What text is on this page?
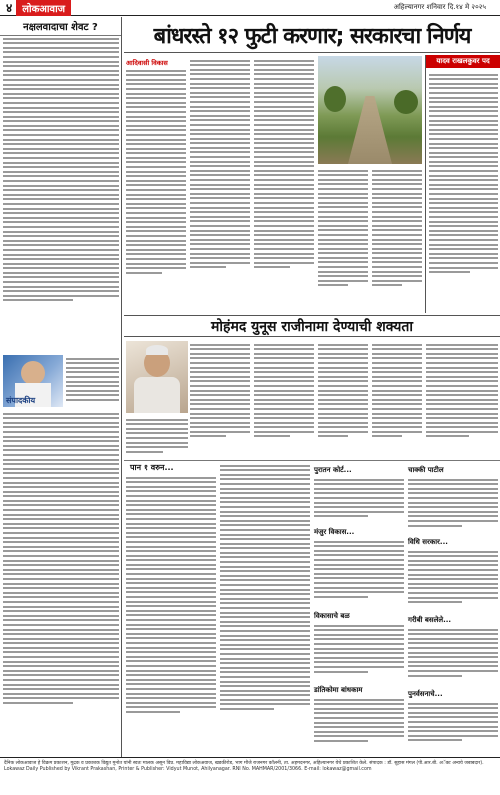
४	लोकआवाज	अहिल्यानगर शनिवार दि.१४ मे २०२५
नक्षलवादाचा शेवट ?
संपादकीय
बांधरस्ते १२ फुटी करणार; सरकारचा निर्णय
आदिवासी विकास	यादव राखलकुवर पद
मोहंमद युनूस राजीनामा देण्याची शक्यता
पान १ वरुन...	पुरातन कोर्ट...
मंजुर विकास...
विकासाचे बळ
डांतिकोमा बांधकाम
चाक्की पाटील
विधि सरकार...
गरीबी बसलेले...
पुनर्वसनाचे...
दैनिक लोकआवाज हे विक्रम प्रकाशन, मुद्रक व प्रकाशक विद्युत मुनोत यांनी स्वतः मालक असून विप्र. महाविद्या लोकअवाज, खडकीरोड, भाग मौजे राजनगर कॉलनी, ता. अहमदनगर, अहिल्यानगर येथे प्रकाशित केले. संपादक : डॉ. सुहास मंगल (पी.आर.बी. अॅक्ट अन्वये जबाबदार). Lokawaz Daily Published by Vikrant Prakashan, Printer & Publisher: Vidyut Munot, Ahilyanagar. RNI No. MAHMAR/2001/3066. E-mail: lokawaz@gmail.com
